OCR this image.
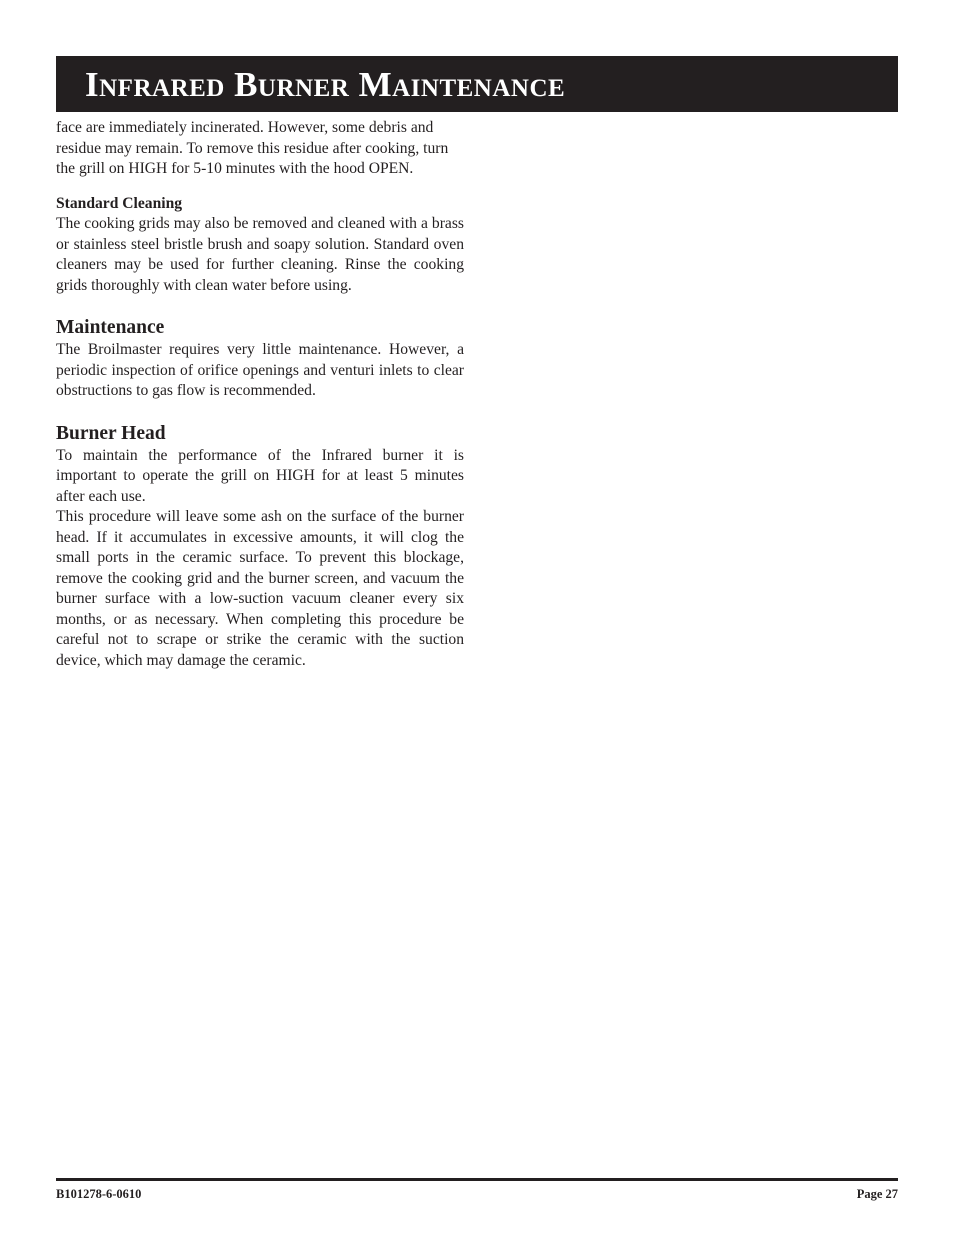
Infrared Burner Maintenance

face are immediately incinerated. However, some debris and residue may remain. To remove this residue after cooking, turn the grill on HIGH for 5-10 minutes with the hood OPEN.

Standard Cleaning

The cooking grids may also be removed and cleaned with a brass or stainless steel bristle brush and soapy solution. Standard oven cleaners may be used for further cleaning. Rinse the cooking grids thoroughly with clean water before using.

Maintenance

The Broilmaster requires very little maintenance. However, a periodic inspection of orifice openings and venturi inlets to clear obstructions to gas flow is recommended.

Burner Head

To maintain the performance of the Infrared burner it is important to operate the grill on HIGH for at least 5 minutes after each use.

This procedure will leave some ash on the surface of the burner head. If it accumulates in excessive amounts, it will clog the small ports in the ceramic surface. To prevent this blockage, remove the cooking grid and the burner screen, and vacuum the burner surface with a low-suction vacuum cleaner every six months, or as necessary. When completing this procedure be careful not to scrape or strike the ceramic with the suction device, which may damage the ceramic.

B101278-6-0610	Page 27
